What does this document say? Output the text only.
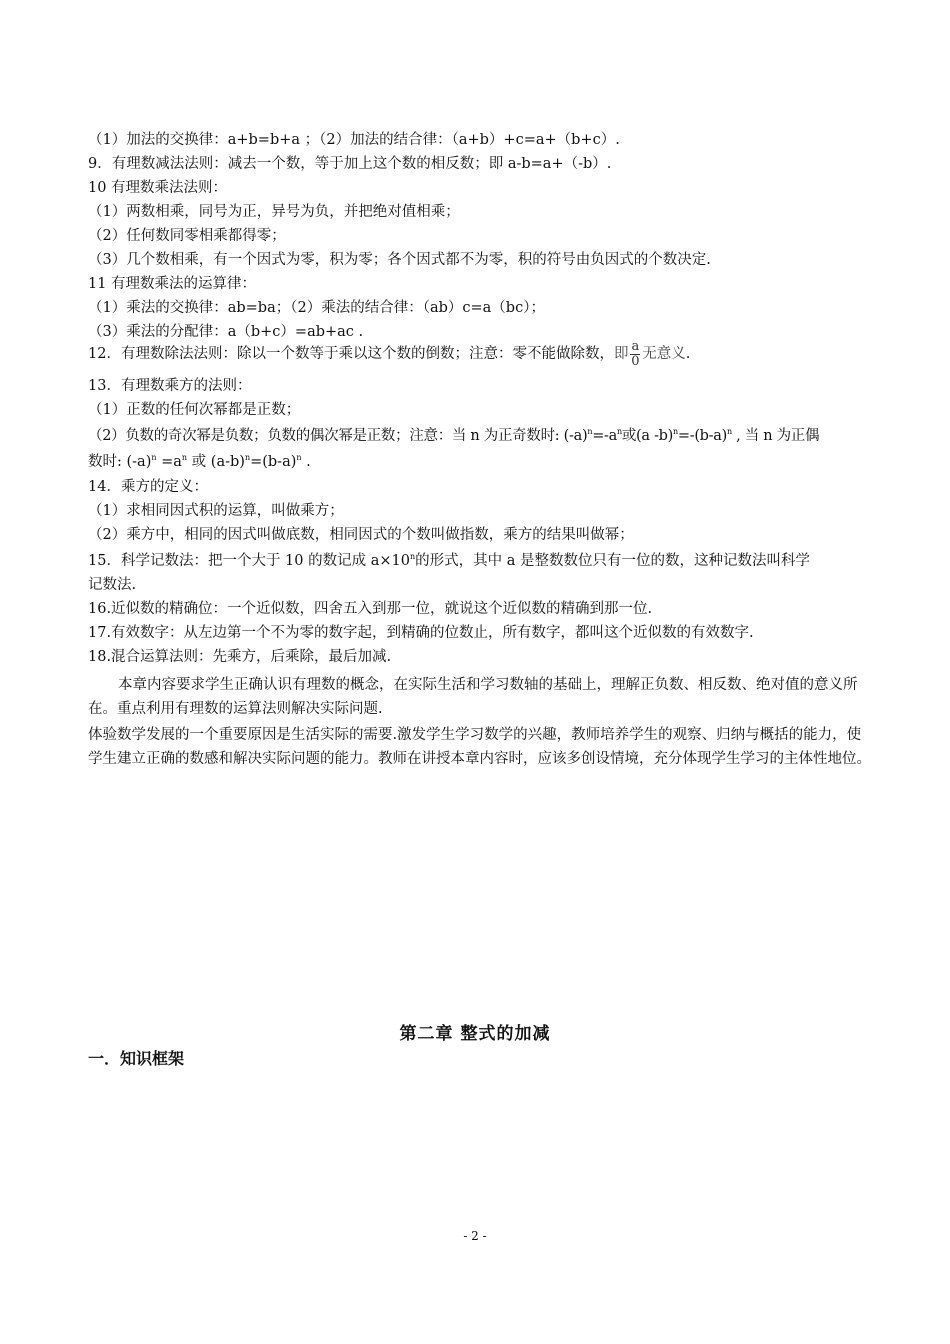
（1）加法的交换律：a+b=b+a ；（2）加法的结合律：（a+b）+c=a+（b+c）.
9．有理数减法法则：减去一个数，等于加上这个数的相反数；即 a-b=a+（-b）.
10 有理数乘法法则：
（1）两数相乘，同号为正，异号为负，并把绝对值相乘；
（2）任何数同零相乘都得零；
（3）几个数相乘，有一个因式为零，积为零；各个因式都不为零，积的符号由负因式的个数决定.
11 有理数乘法的运算律：
（1）乘法的交换律：ab=ba；（2）乘法的结合律：（ab）c=a（bc）；
（3）乘法的分配律：a（b+c）=ab+ac .
12．有理数除法法则：除以一个数等于乘以这个数的倒数；注意：零不能做除数，即 $\frac{a}{0}$ 无意义.
13．有理数乘方的法则：
（1）正数的任何次幂都是正数；
（2）负数的奇次幂是负数；负数的偶次幂是正数；注意：当 n 为正奇数时: $(-a)^n=-a^n$或(a $-b)^n=-(b-a)^n$ , 当 n 为正偶
数时: $(-a)^n =a^n$ 或 $(a-b)^n=(b-a)^n$ .
14．乘方的定义：
（1）求相同因式积的运算，叫做乘方；
（2）乘方中，相同的因式叫做底数，相同因式的个数叫做指数，乘方的结果叫做幂；
15．科学记数法：把一个大于 10 的数记成 $a\times 10^n$的形式，其中 a 是整数数位只有一位的数，这种记数法叫科学
记数法.
16.近似数的精确位：一个近似数，四舍五入到那一位，就说这个近似数的精确到那一位.
17.有效数字：从左边第一个不为零的数字起，到精确的位数止，所有数字，都叫这个近似数的有效数字.
18.混合运算法则：先乘方，后乘除，最后加减.
本章内容要求学生正确认识有理数的概念，在实际生活和学习数轴的基础上，理解正负数、相反数、绝对值的意义所在。重点利用有理数的运算法则解决实际问题.
体验数学发展的一个重要原因是生活实际的需要.激发学生学习数学的兴趣，教师培养学生的观察、归纳与概括的能力，使学生建立正确的数感和解决实际问题的能力。教师在讲授本章内容时，应该多创设情境，充分体现学生学习的主体性地位。
第二章 整式的加减
一．知识框架
- 2 -
